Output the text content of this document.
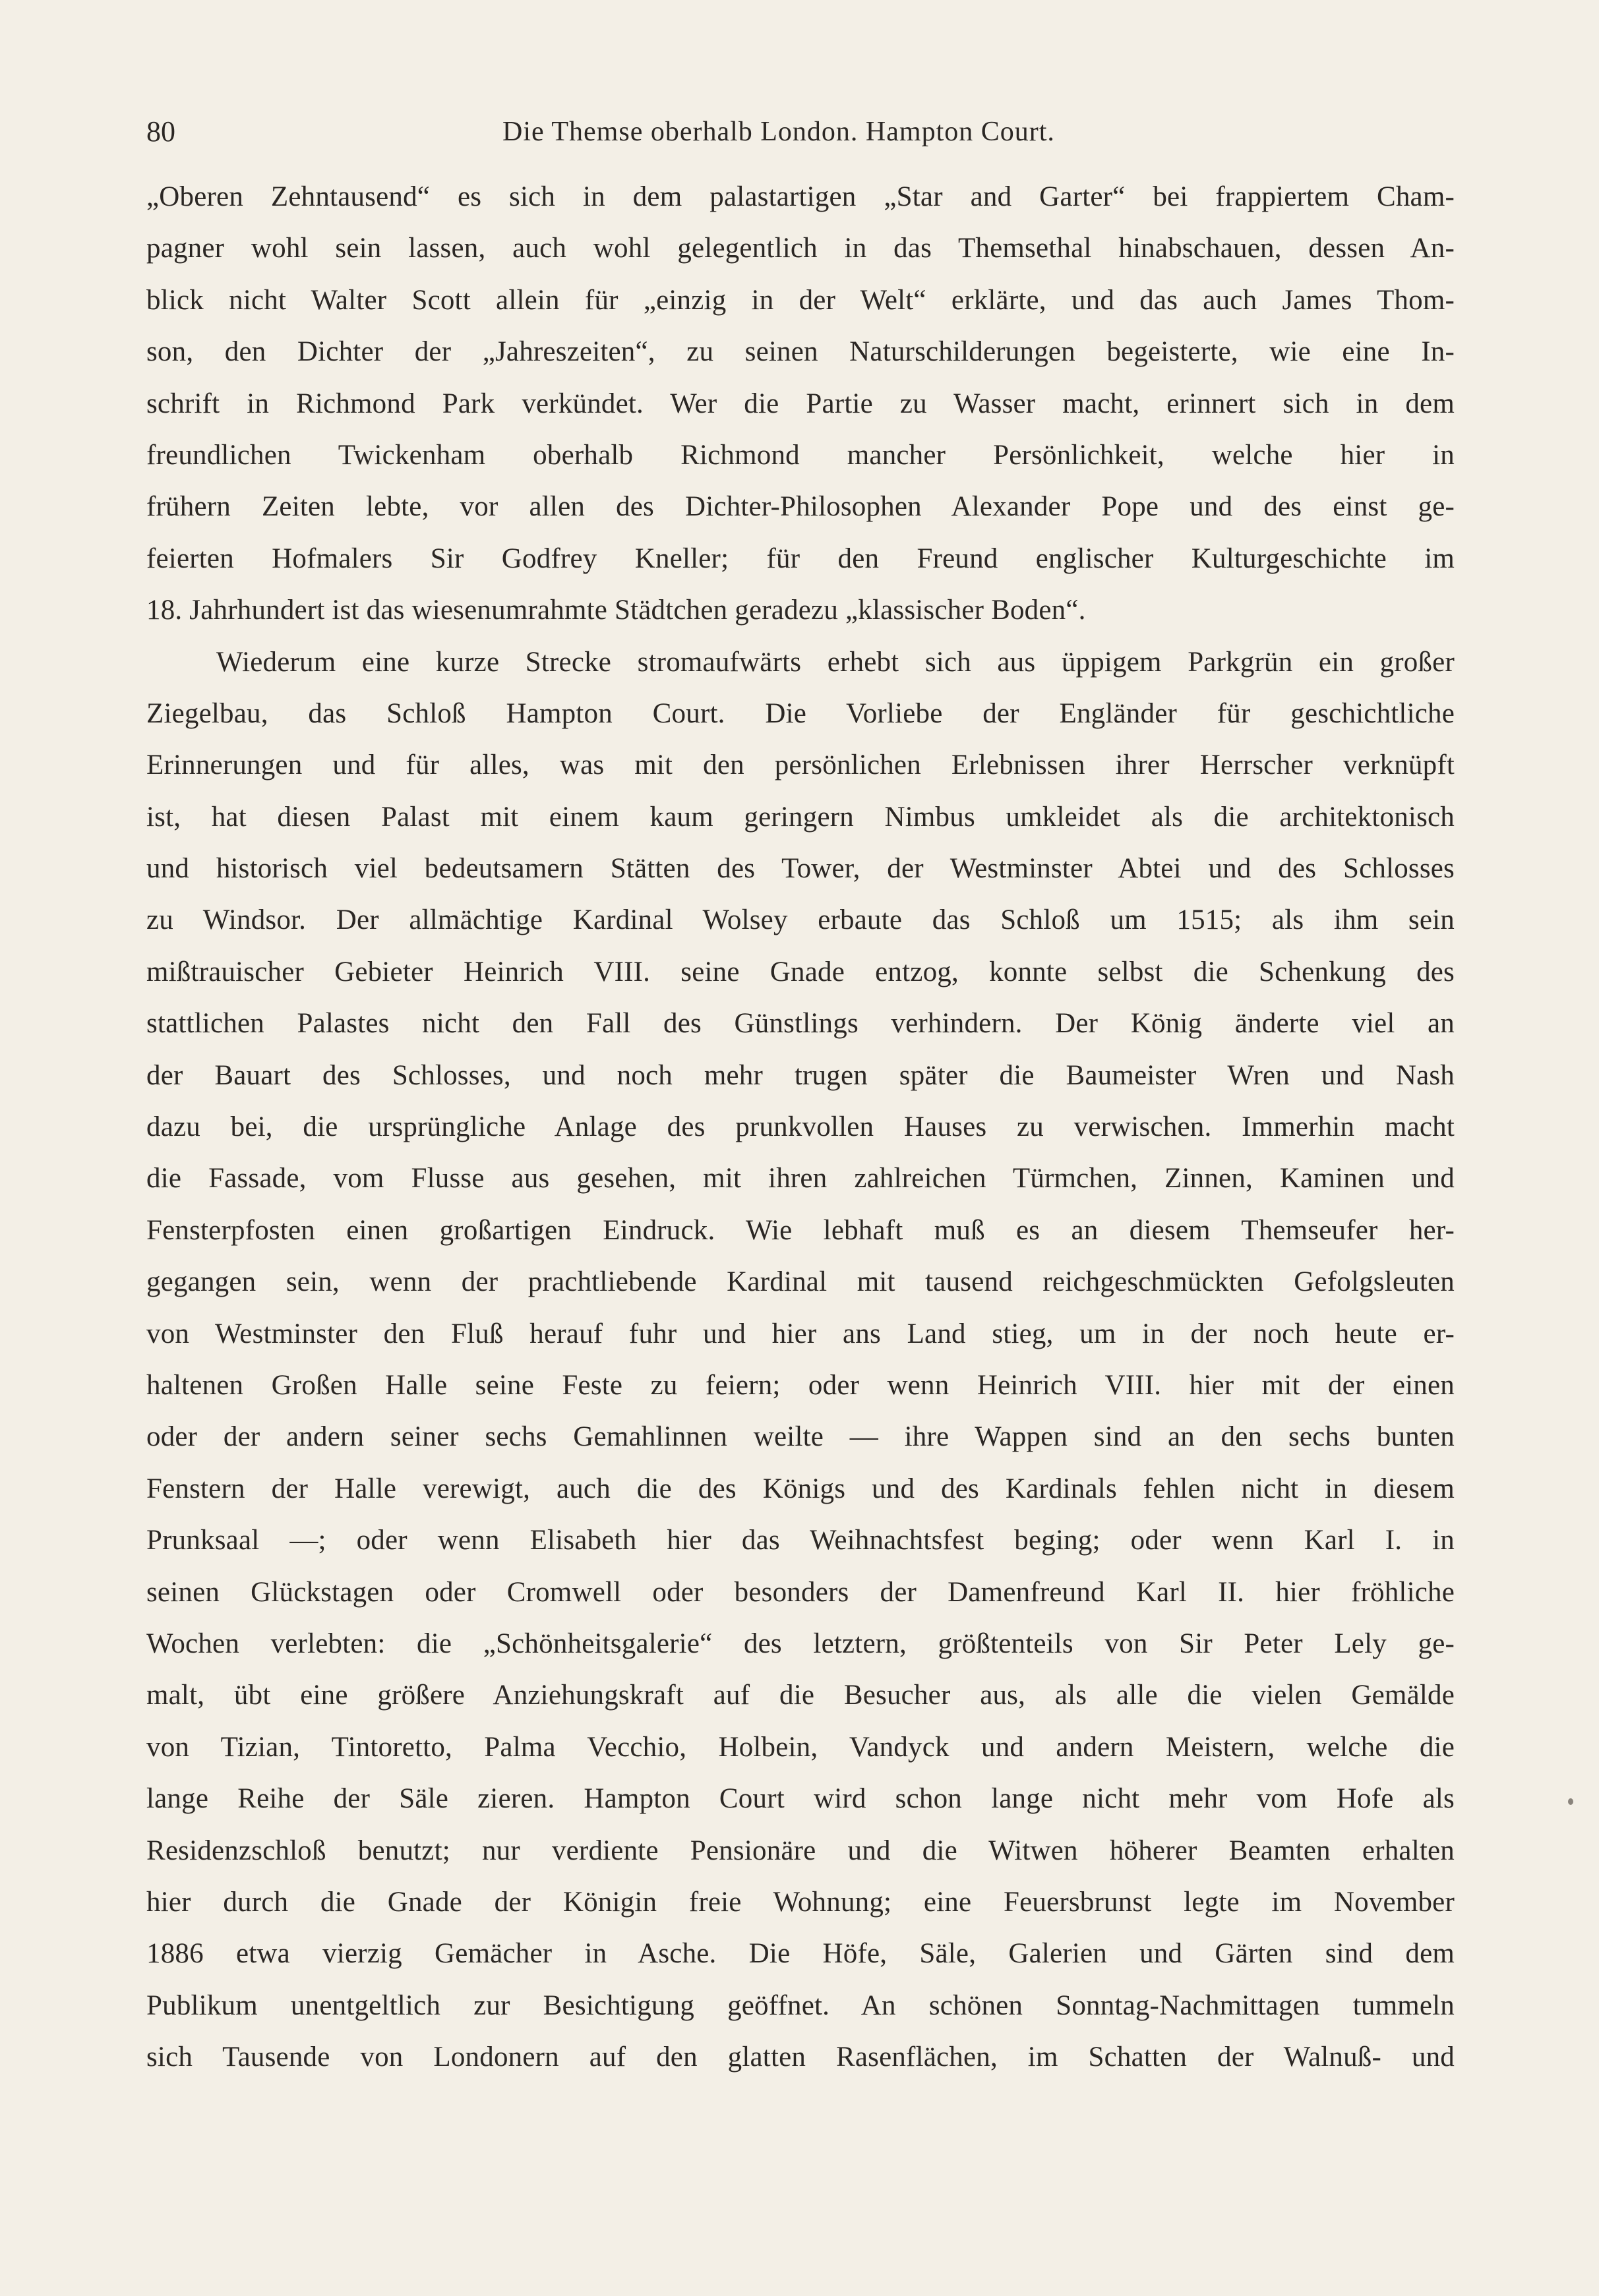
80	Die Themse oberhalb London. Hampton Court.
„Oberen Zehntausend“ es sich in dem palastartigen „Star and Garter“ bei frappiertem Cham-
pagner wohl sein lassen, auch wohl gelegentlich in das Themsethal hinabschauen, dessen An-
blick nicht Walter Scott allein für „einzig in der Welt“ erklärte, und das auch James Thom-
son, den Dichter der „Jahreszeiten“, zu seinen Naturschilderungen begeisterte, wie eine In-
schrift in Richmond Park verkündet. Wer die Partie zu Wasser macht, erinnert sich in dem
freundlichen Twickenham oberhalb Richmond mancher Persönlichkeit, welche hier in
frühern Zeiten lebte, vor allen des Dichter-Philosophen Alexander Pope und des einst ge-
feierten Hofmalers Sir Godfrey Kneller; für den Freund englischer Kulturgeschichte im
18. Jahrhundert ist das wiesenumrahmte Städtchen geradezu „klassischer Boden“.
Wiederum eine kurze Strecke stromaufwärts erhebt sich aus üppigem Parkgrün ein großer
Ziegelbau, das Schloß Hampton Court. Die Vorliebe der Engländer für geschichtliche
Erinnerungen und für alles, was mit den persönlichen Erlebnissen ihrer Herrscher verknüpft
ist, hat diesen Palast mit einem kaum geringern Nimbus umkleidet als die architektonisch
und historisch viel bedeutsamern Stätten des Tower, der Westminster Abtei und des Schlosses
zu Windsor. Der allmächtige Kardinal Wolsey erbaute das Schloß um 1515; als ihm sein
mißtrauischer Gebieter Heinrich VIII. seine Gnade entzog, konnte selbst die Schenkung des
stattlichen Palastes nicht den Fall des Günstlings verhindern. Der König änderte viel an
der Bauart des Schlosses, und noch mehr trugen später die Baumeister Wren und Nash
dazu bei, die ursprüngliche Anlage des prunkvollen Hauses zu verwischen. Immerhin macht
die Fassade, vom Flusse aus gesehen, mit ihren zahlreichen Türmchen, Zinnen, Kaminen und
Fensterpfosten einen großartigen Eindruck. Wie lebhaft muß es an diesem Themseufer her-
gegangen sein, wenn der prachtliebende Kardinal mit tausend reichgeschmückten Gefolgsleuten
von Westminster den Fluß herauf fuhr und hier ans Land stieg, um in der noch heute er-
haltenen Großen Halle seine Feste zu feiern; oder wenn Heinrich VIII. hier mit der einen
oder der andern seiner sechs Gemahlinnen weilte — ihre Wappen sind an den sechs bunten
Fenstern der Halle verewigt, auch die des Königs und des Kardinals fehlen nicht in diesem
Prunksaal —; oder wenn Elisabeth hier das Weihnachtsfest beging; oder wenn Karl I. in
seinen Glückstagen oder Cromwell oder besonders der Damenfreund Karl II. hier fröhliche
Wochen verlebten: die „Schönheitsgalerie“ des letztern, größtenteils von Sir Peter Lely ge-
malt, übt eine größere Anziehungskraft auf die Besucher aus, als alle die vielen Gemälde
von Tizian, Tintoretto, Palma Vecchio, Holbein, Vandyck und andern Meistern, welche die
lange Reihe der Säle zieren. Hampton Court wird schon lange nicht mehr vom Hofe als
Residenzschloß benutzt; nur verdiente Pensionäre und die Witwen höherer Beamten erhalten
hier durch die Gnade der Königin freie Wohnung; eine Feuersbrunst legte im November
1886 etwa vierzig Gemächer in Asche. Die Höfe, Säle, Galerien und Gärten sind dem
Publikum unentgeltlich zur Besichtigung geöffnet. An schönen Sonntag-Nachmittagen tummeln
sich Tausende von Londonern auf den glatten Rasenflächen, im Schatten der Walnuß- und
